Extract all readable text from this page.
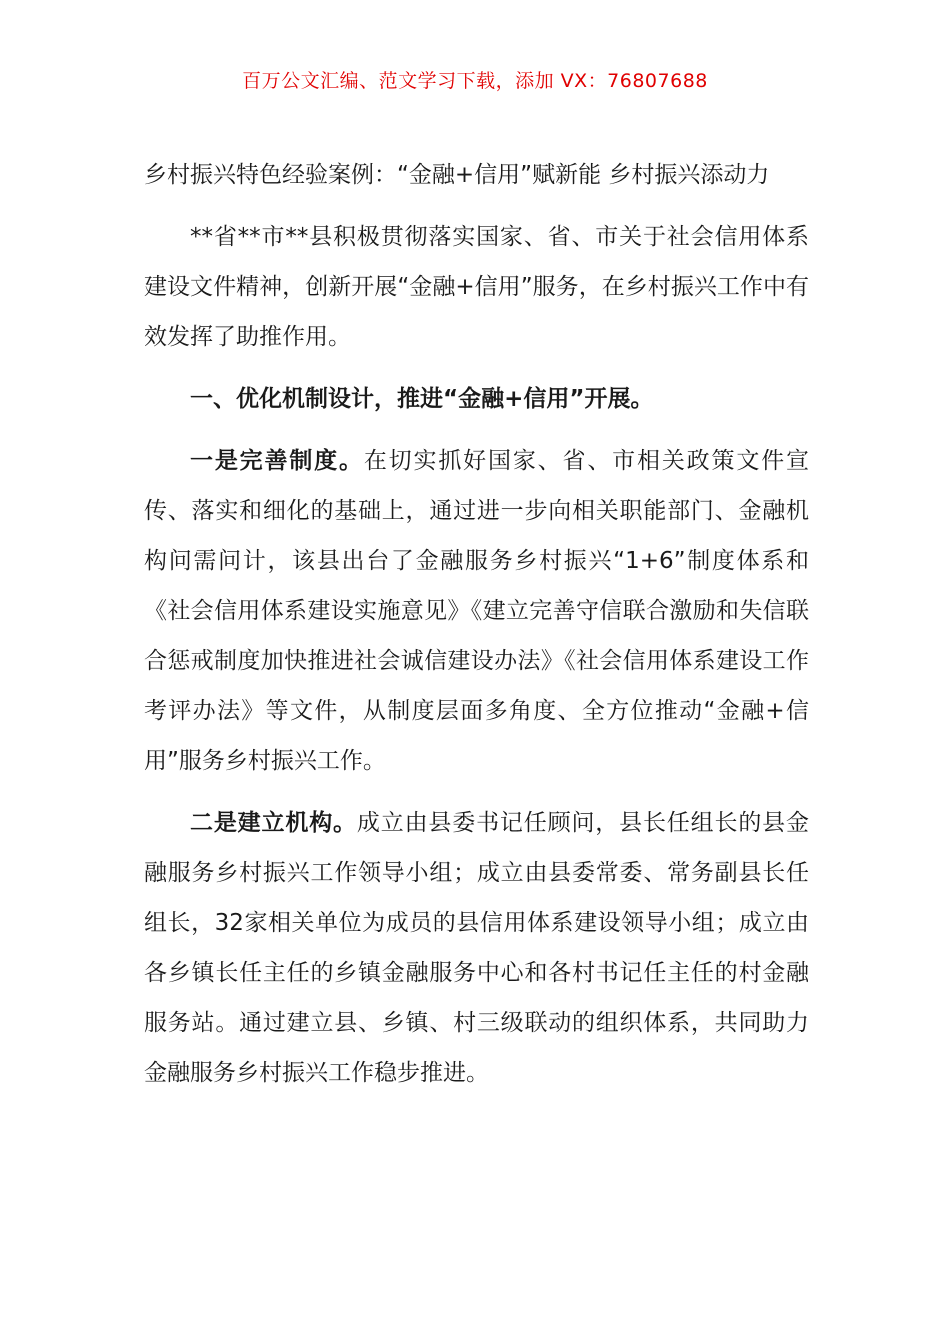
百万公文汇编、范文学习下载，添加 VX：76807688

乡村振兴特色经验案例：“金融+信用”赋新能 乡村振兴添动力

**省**市**县积极贯彻落实国家、省、市关于社会信用体系建设文件精神，创新开展“金融+信用”服务，在乡村振兴工作中有效发挥了助推作用。

一、优化机制设计，推进“金融+信用”开展。

一是完善制度。在切实抓好国家、省、市相关政策文件宣传、落实和细化的基础上，通过进一步向相关职能部门、金融机构问需问计，该县出台了金融服务乡村振兴“1+6”制度体系和《社会信用体系建设实施意见》《建立完善守信联合激励和失信联合惩戒制度加快推进社会诚信建设办法》《社会信用体系建设工作考评办法》等文件，从制度层面多角度、全方位推动“金融+信用”服务乡村振兴工作。

二是建立机构。成立由县委书记任顾问，县长任组长的县金融服务乡村振兴工作领导小组；成立由县委常委、常务副县长任组长，32家相关单位为成员的县信用体系建设领导小组；成立由各乡镇长任主任的乡镇金融服务中心和各村书记任主任的村金融服务站。通过建立县、乡镇、村三级联动的组织体系，共同助力金融服务乡村振兴工作稳步推进。
